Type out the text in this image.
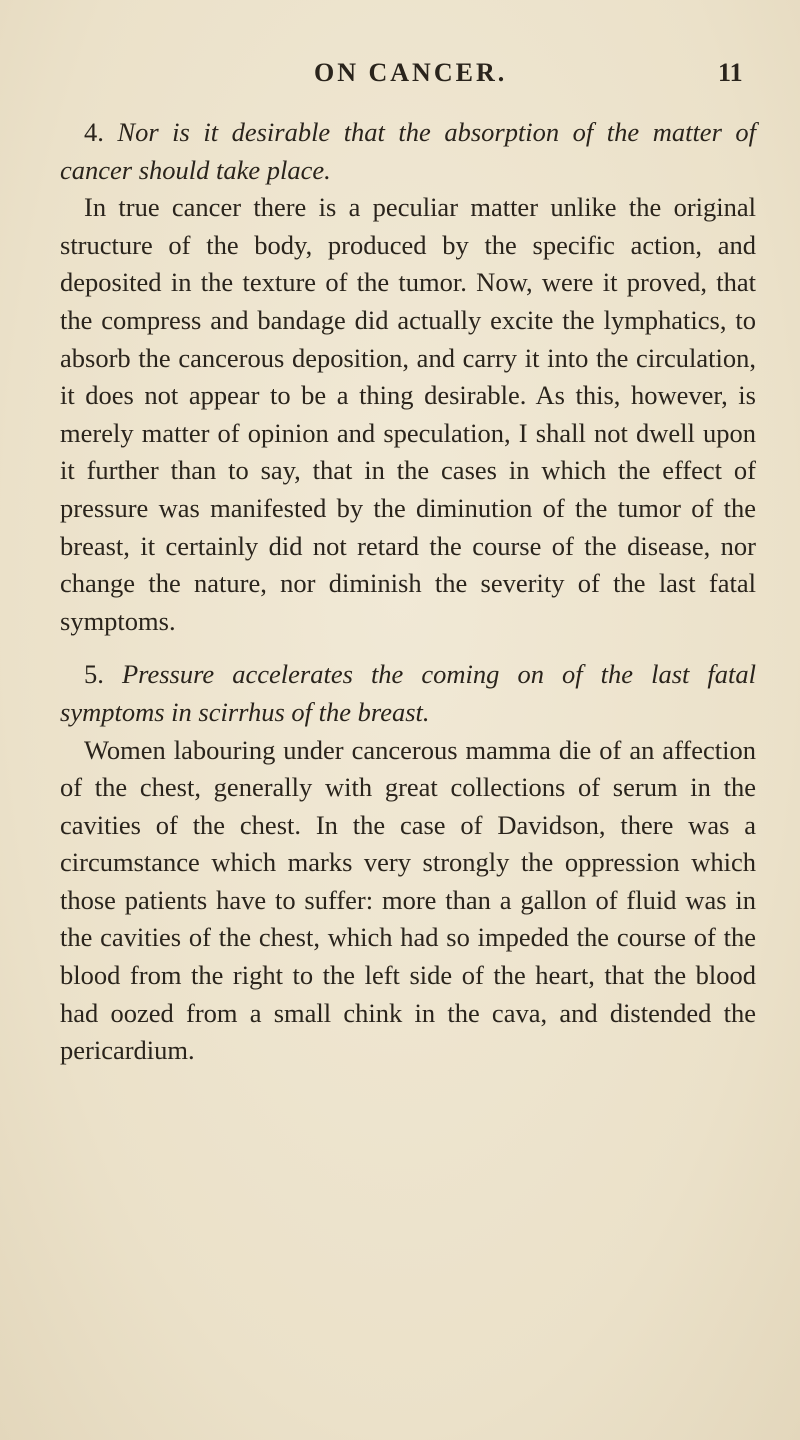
ON CANCER.	11

4. Nor is it desirable that the absorption of the matter of cancer should take place.

In true cancer there is a peculiar matter unlike the original structure of the body, produced by the specific action, and deposited in the texture of the tumor. Now, were it proved, that the compress and bandage did actually excite the lymphatics, to absorb the cancerous deposition, and carry it into the circulation, it does not appear to be a thing desirable. As this, however, is merely matter of opinion and speculation, I shall not dwell upon it further than to say, that in the cases in which the effect of pressure was manifested by the diminution of the tumor of the breast, it certainly did not retard the course of the disease, nor change the nature, nor diminish the severity of the last fatal symptoms.

5. Pressure accelerates the coming on of the last fatal symptoms in scirrhus of the breast.

Women labouring under cancerous mamma die of an affection of the chest, generally with great collections of serum in the cavities of the chest. In the case of Davidson, there was a circumstance which marks very strongly the oppression which those patients have to suffer: more than a gallon of fluid was in the cavities of the chest, which had so impeded the course of the blood from the right to the left side of the heart, that the blood had oozed from a small chink in the cava, and distended the pericardium.
